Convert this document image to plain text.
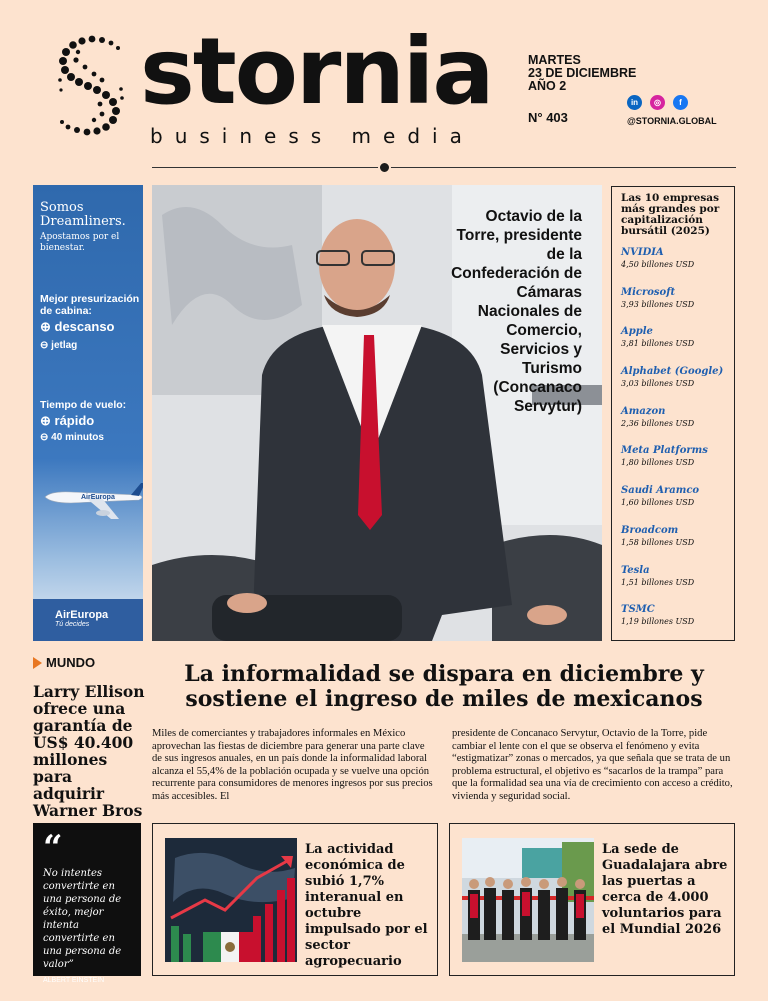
stornia
business media
MARTES
23 DE DICIEMBRE
AÑO 2
N° 403
in	◎	f
@STORNIA.GLOBAL
Somos Dreamliners.
Apostamos por el bienestar.
Mejor presurización de cabina:
⊕ descanso
⊖ jetlag
Tiempo de vuelo:
⊕ rápido
⊖ 40 minutos
AirEuropa
AirEuropa
Tú decides
Octavio de la Torre, presidente de la Confederación de Cámaras Nacionales de Comercio, Servicios y Turismo (Concanaco Servytur)
Las 10 empresas más grandes por capitalización bursátil (2025)
NVIDIA
4,50 billones USD
Microsoft
3,93 billones USD
Apple
3,81 billones USD
Alphabet (Google)
3,03 billones USD
Amazon
2,36 billones USD
Meta Platforms
1,80 billones USD
Saudi Aramco
1,60 billones USD
Broadcom
1,58 billones USD
Tesla
1,51 billones USD
TSMC
1,19 billones USD
MUNDO
Larry Ellison ofrece una garantía de US$ 40.400 millones para adquirir Warner Bros
La informalidad se dispara en diciembre y sostiene el ingreso de miles de mexicanos

Miles de comerciantes y trabajadores informales en México aprovechan las fiestas de diciembre para generar una parte clave de sus ingresos anuales, en un país donde la informalidad laboral alcanza el 55,4% de la población ocupada y se vuelve una opción recurrente para consumidores de menores ingresos por sus precios más accesibles. El

presidente de Concanaco Servytur, Octavio de la Torre, pide cambiar el lente con el que se observa el fenómeno y evita “estigmatizar” zonas o mercados, ya que señala que se trata de un problema estructural, el objetivo es “sacarlos de la trampa” para que la formalidad sea una vía de crecimiento con acceso a crédito, vivienda y seguridad social.

“
No intentes convertirte en una persona de éxito, mejor intenta convertirte en una persona de valor”
ALBERT EINSTEIN
La actividad económica de subió 1,7% interanual en octubre impulsado por el sector agropecuario
La sede de Guadalajara abre las puertas a cerca de 4.000 voluntarios para el Mundial 2026
